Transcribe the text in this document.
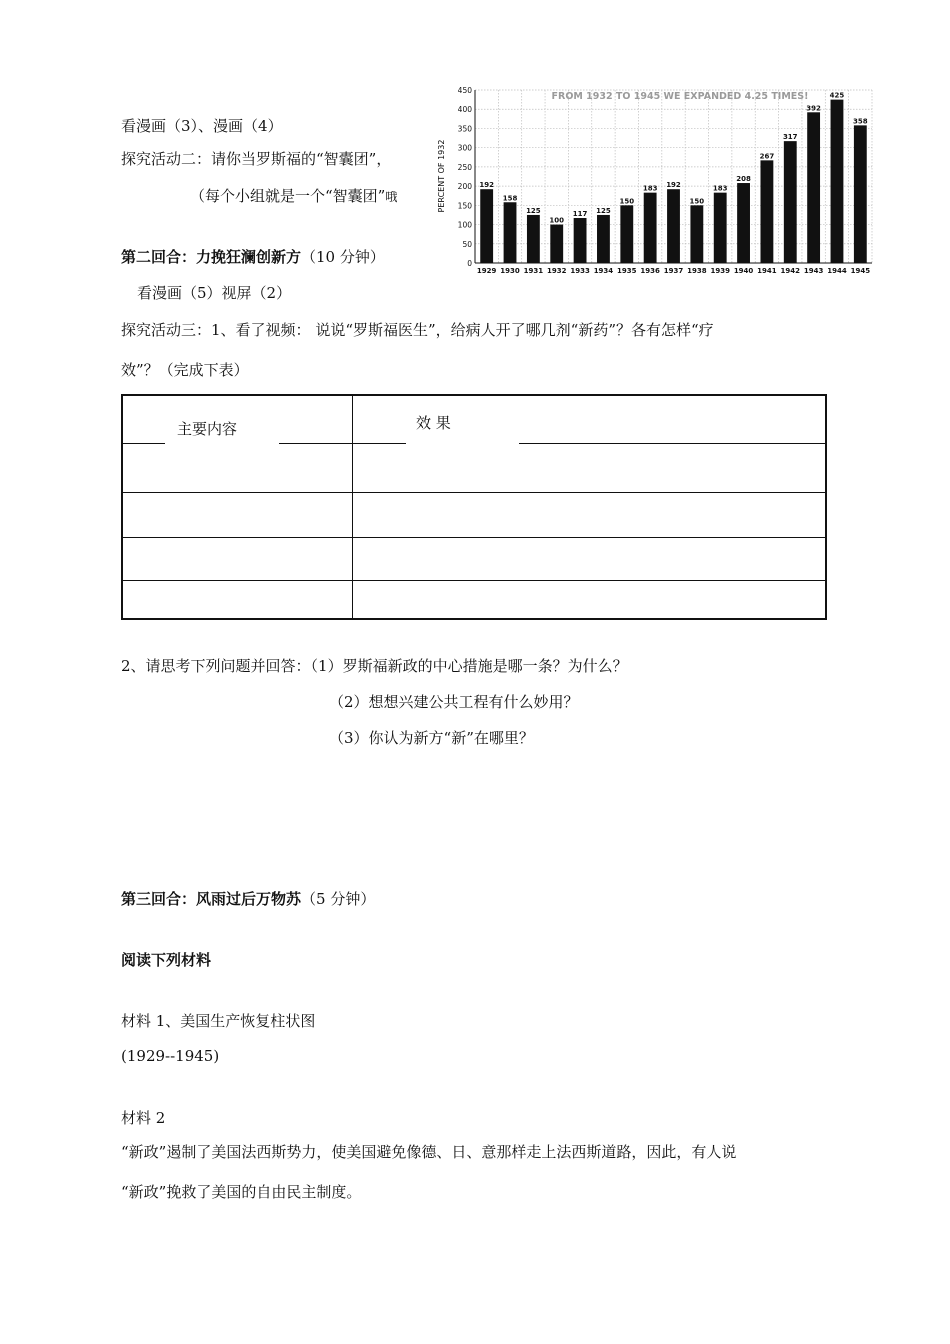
看漫画（3）、漫画（4）
探究活动二：请你当罗斯福的“智囊团”，
（每个小组就是一个“智囊团”哦
0
50
100
150
200
250
300
350
400
450
1929 1930 1931 1932 1933 1934 1935 1936 1937 1938 1939 1940 1941 1942 1943 1944 1945
192
158
125
100
117 125
150
183 192
150
183
208
267
317
392
425
358
FROM 1932 TO 1945 WE EXPANDED 4.25 TIMES!
PERCENT OF 1932
第二回合：力挽狂澜创新方（10 分钟）
看漫画（5）视屏（2）
探究活动三：1、看了视频： 说说“罗斯福医生”，给病人开了哪几剂“新药”？各有怎样“疗
效”？（完成下表）
主要内容	效 果
2、请思考下列问题并回答：（1）罗斯福新政的中心措施是哪一条？为什么？
（2）想想兴建公共工程有什么妙用？
（3）你认为新方“新”在哪里？
第三回合：风雨过后万物苏（5 分钟）
阅读下列材料
材料 1、美国生产恢复柱状图
(1929--1945)
材料 2
“新政”遏制了美国法西斯势力，使美国避免像德、日、意那样走上法西斯道路，因此，有人说
“新政”挽救了美国的自由民主制度。
